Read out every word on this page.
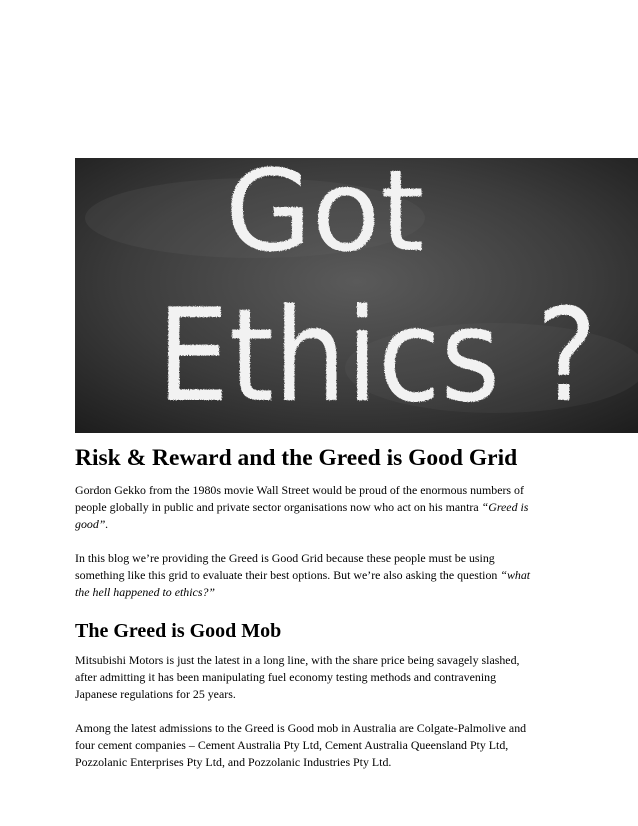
Got
Ethics ?
Risk & Reward and the Greed is Good Grid

Gordon Gekko from the 1980s movie Wall Street would be proud of the enormous numbers of
people globally in public and private sector organisations now who act on his mantra “Greed is
good”.

In this blog we’re providing the Greed is Good Grid because these people must be using
something like this grid to evaluate their best options. But we’re also asking the question “what
the hell happened to ethics?”

The Greed is Good Mob

Mitsubishi Motors is just the latest in a long line, with the share price being savagely slashed,
after admitting it has been manipulating fuel economy testing methods and contravening
Japanese regulations for 25 years.

Among the latest admissions to the Greed is Good mob in Australia are Colgate-Palmolive and
four cement companies – Cement Australia Pty Ltd, Cement Australia Queensland Pty Ltd,
Pozzolanic Enterprises Pty Ltd, and Pozzolanic Industries Pty Ltd.
